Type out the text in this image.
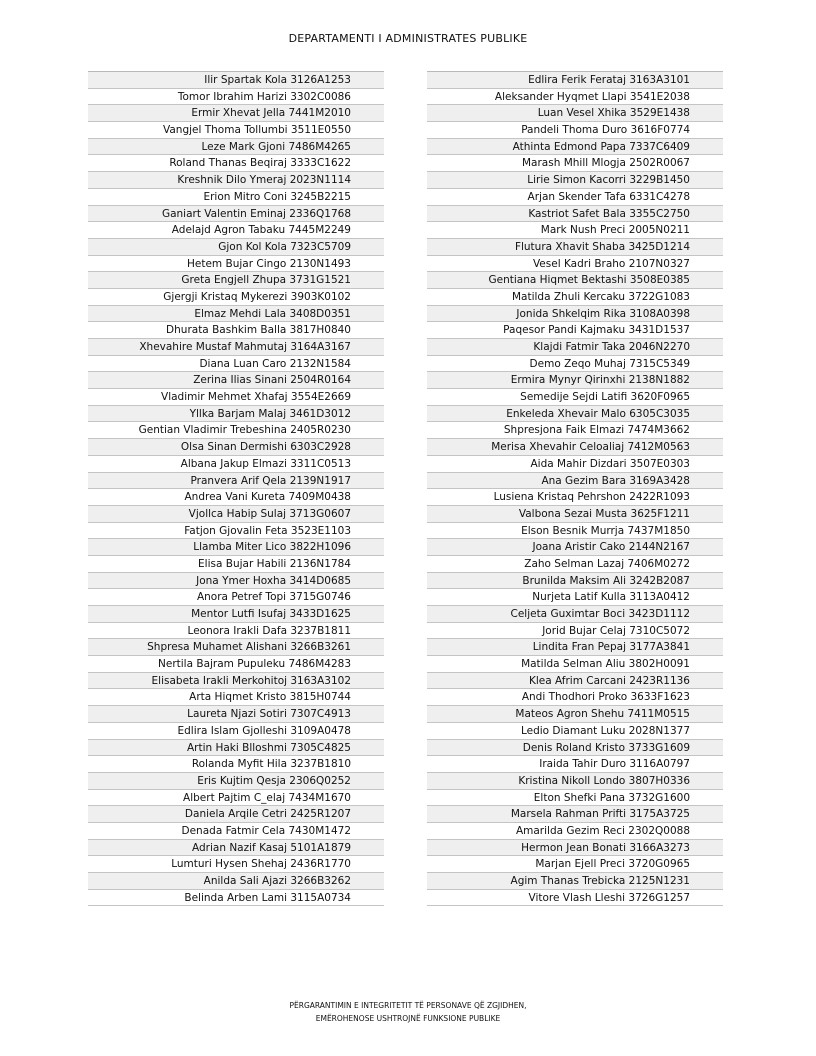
DEPARTAMENTI I ADMINISTRATES PUBLIKE
Ilir Spartak Kola 3126A1253
Tomor Ibrahim Harizi 3302C0086
Ermir Xhevat Jella 7441M2010
Vangjel Thoma Tollumbi 3511E0550
Leze Mark Gjoni 7486M4265
Roland Thanas Beqiraj 3333C1622
Kreshnik Dilo Ymeraj 2023N1114
Erion Mitro Coni 3245B2215
Ganiart Valentin Eminaj 2336Q1768
Adelajd Agron Tabaku 7445M2249
Gjon Kol Kola 7323C5709
Hetem Bujar Cingo 2130N1493
Greta Engjell Zhupa 3731G1521
Gjergji Kristaq Mykerezi 3903K0102
Elmaz Mehdi Lala 3408D0351
Dhurata Bashkim Balla 3817H0840
Xhevahire Mustaf Mahmutaj 3164A3167
Diana Luan Caro 2132N1584
Zerina Ilias Sinani 2504R0164
Vladimir Mehmet Xhafaj 3554E2669
Yllka Barjam Malaj 3461D3012
Gentian Vladimir Trebeshina 2405R0230
Olsa Sinan Dermishi 6303C2928
Albana Jakup Elmazi 3311C0513
Pranvera Arif Qela 2139N1917
Andrea Vani Kureta 7409M0438
Vjollca Habip Sulaj 3713G0607
Fatjon Gjovalin Feta 3523E1103
Llamba Miter Lico 3822H1096
Elisa Bujar Habili 2136N1784
Jona Ymer Hoxha 3414D0685
Anora Petref Topi 3715G0746
Mentor Lutfi Isufaj 3433D1625
Leonora Irakli Dafa 3237B1811
Shpresa Muhamet Alishani 3266B3261
Nertila Bajram Pupuleku 7486M4283
Elisabeta Irakli Merkohitoj 3163A3102
Arta Hiqmet Kristo 3815H0744
Laureta Njazi Sotiri 7307C4913
Edlira Islam Gjolleshi 3109A0478
Artin Haki Blloshmi 7305C4825
Rolanda Myfit Hila 3237B1810
Eris Kujtim Qesja 2306Q0252
Albert Pajtim C_elaj 7434M1670
Daniela Arqile Cetri 2425R1207
Denada Fatmir Cela 7430M1472
Adrian Nazif Kasaj 5101A1879
Lumturi Hysen Shehaj 2436R1770
Anilda Sali Ajazi 3266B3262
Belinda Arben Lami 3115A0734
Edlira Ferik Ferataj 3163A3101
Aleksander Hyqmet Llapi 3541E2038
Luan Vesel Xhika 3529E1438
Pandeli Thoma Duro 3616F0774
Athinta Edmond Papa 7337C6409
Marash Mhill Mlogja 2502R0067
Lirie Simon Kacorri 3229B1450
Arjan Skender Tafa 6331C4278
Kastriot Safet Bala 3355C2750
Mark Nush Preci 2005N0211
Flutura Xhavit Shaba 3425D1214
Vesel Kadri Braho 2107N0327
Gentiana Hiqmet Bektashi 3508E0385
Matilda Zhuli Kercaku 3722G1083
Jonida Shkelqim Rika 3108A0398
Paqesor Pandi Kajmaku 3431D1537
Klajdi Fatmir Taka 2046N2270
Demo Zeqo Muhaj 7315C5349
Ermira Mynyr Qirinxhi 2138N1882
Semedije Sejdi Latifi 3620F0965
Enkeleda Xhevair Malo 6305C3035
Shpresjona Faik Elmazi 7474M3662
Merisa Xhevahir Celoaliaj 7412M0563
Aida Mahir Dizdari 3507E0303
Ana Gezim Bara 3169A3428
Lusiena Kristaq Pehrshon 2422R1093
Valbona Sezai Musta 3625F1211
Elson Besnik Murrja 7437M1850
Joana Aristir Cako 2144N2167
Zaho Selman Lazaj 7406M0272
Brunilda Maksim Ali 3242B2087
Nurjeta Latif Kulla 3113A0412
Celjeta Guximtar Boci 3423D1112
Jorid Bujar Celaj 7310C5072
Lindita Fran Pepaj 3177A3841
Matilda Selman Aliu 3802H0091
Klea Afrim Carcani 2423R1136
Andi Thodhori Proko 3633F1623
Mateos Agron Shehu 7411M0515
Ledio Diamant Luku 2028N1377
Denis Roland Kristo 3733G1609
Iraida Tahir Duro 3116A0797
Kristina Nikoll Londo 3807H0336
Elton Shefki Pana 3732G1600
Marsela Rahman Prifti 3175A3725
Amarilda Gezim Reci 2302Q0088
Hermon Jean Bonati 3166A3273
Marjan Ejell Preci 3720G0965
Agim Thanas Trebicka 2125N1231
Vitore Vlash Lleshi 3726G1257
PËRGARANTIMIN E INTEGRITETIT TË PERSONAVE QË ZGJIDHEN,
EMËROHENOSE USHTROJNË FUNKSIONE PUBLIKE
